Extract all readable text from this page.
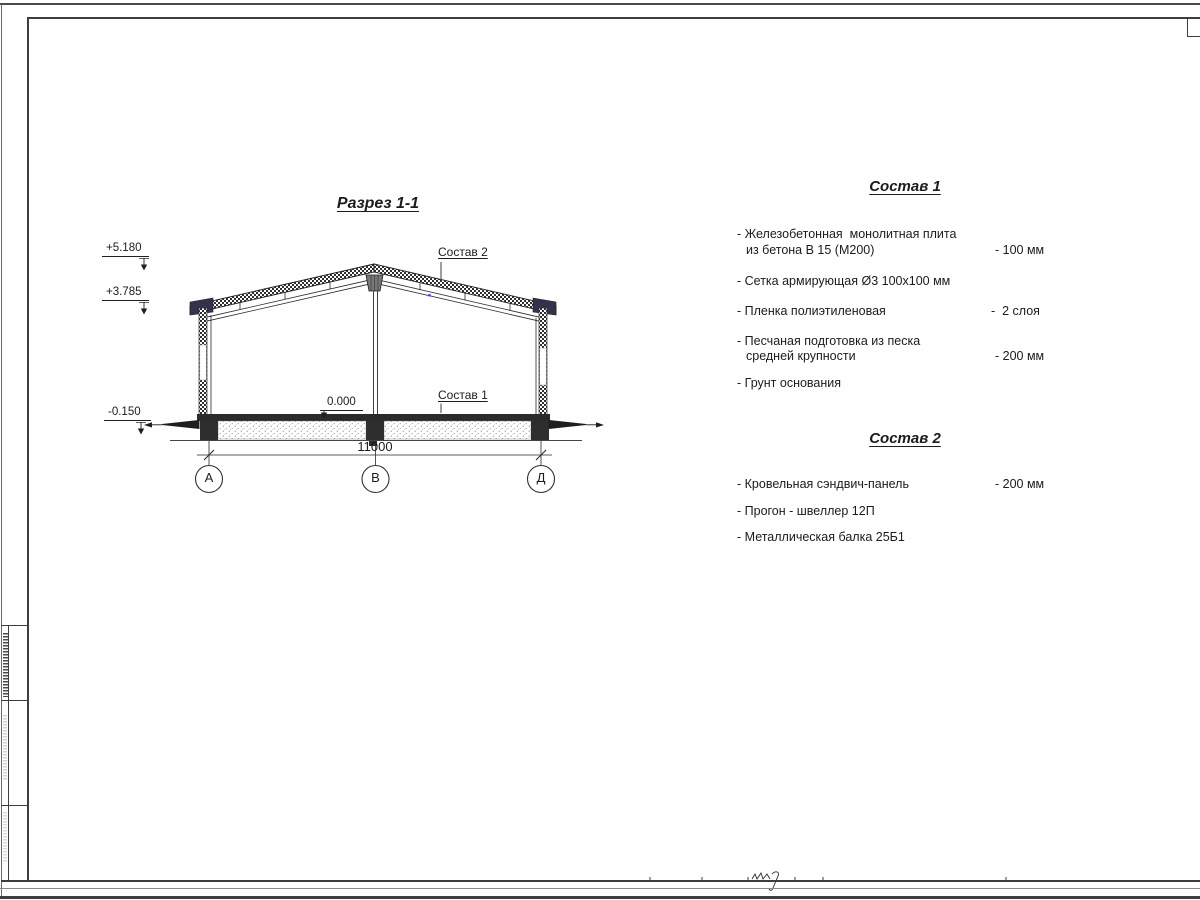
Разрез 1-1
Состав 2
Состав 1
0.000
+5.180
+3.785
-0.150
11000
А	В	Д
Состав 1
- Железобетонная  монолитная плита
из бетона В 15 (М200)	- 100 мм
- Сетка армирующая Ø3 100х100 мм
- Пленка полиэтиленовая	-  2 слоя
- Песчаная подготовка из песка
средней крупности	- 200 мм
- Грунт основания
Состав 2
- Кровельная сэндвич-панель	- 200 мм
- Прогон - швеллер 12П
- Металлическая балка 25Б1
